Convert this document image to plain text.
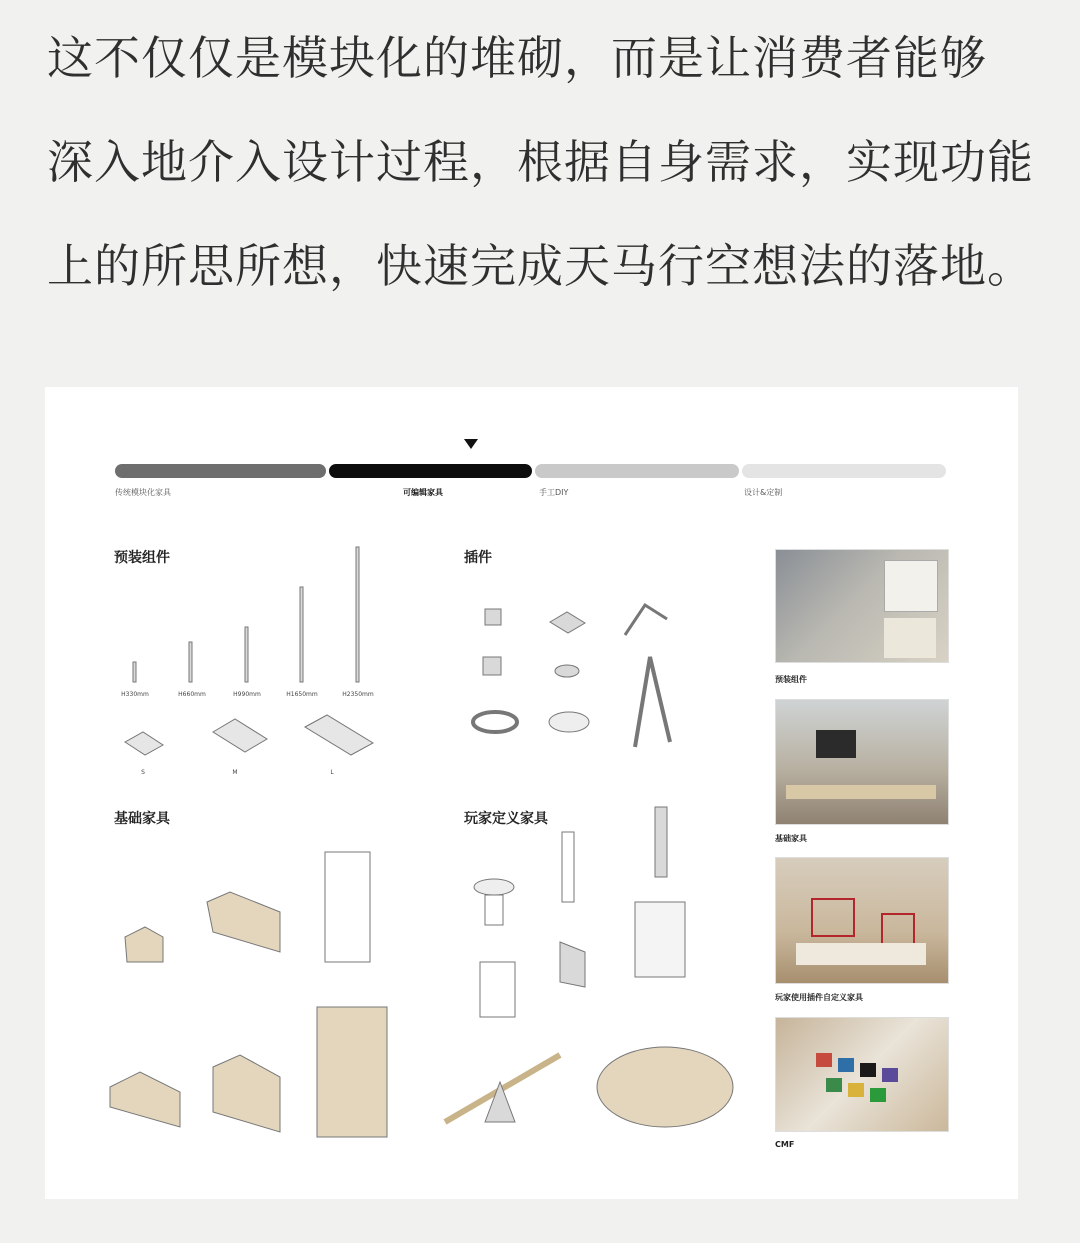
这不仅仅是模块化的堆砌，而是让消费者能够
深入地介入设计过程，根据自身需求，实现功能
上的所思所想，快速完成天马行空想法的落地。
传统模块化家具	可编辑家具	手工DIY	设计&定制
预装组件	插件
基础家具	玩家定义家具
H330mm	H660mm	H990mm	H1650mm	H2350mm
S	M	L
预装组件
基础家具
玩家使用插件自定义家具
CMF
